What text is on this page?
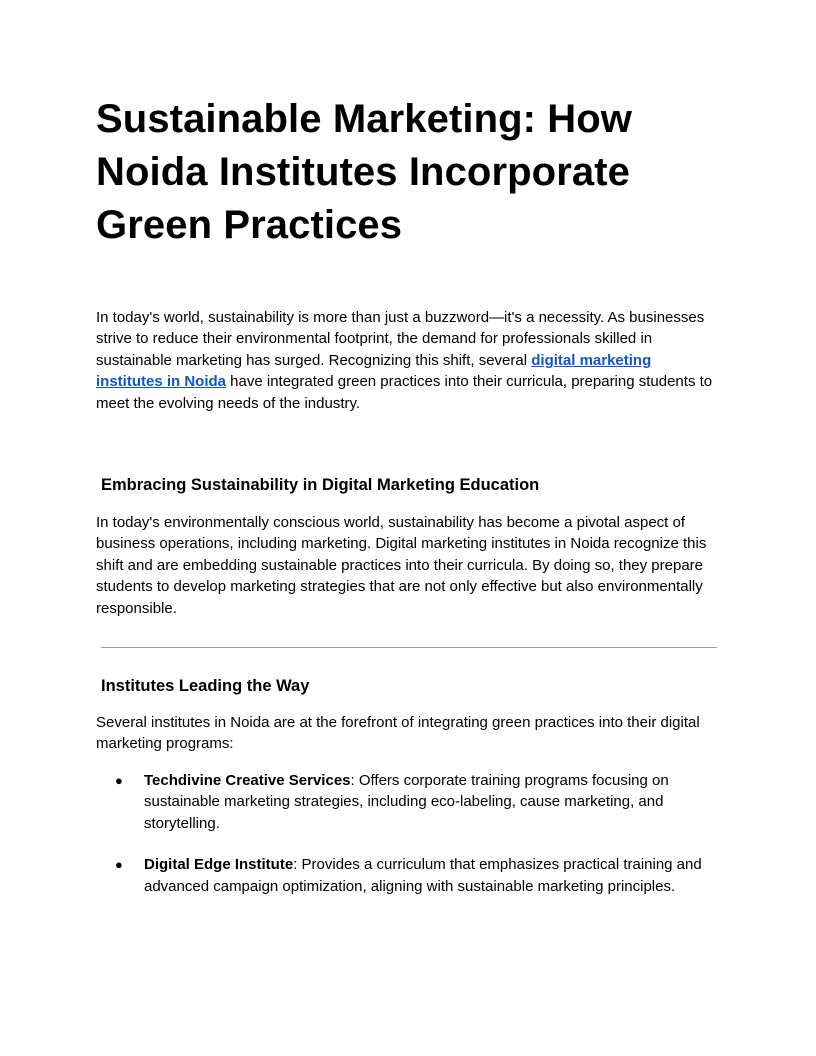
Sustainable Marketing: How Noida Institutes Incorporate Green Practices

In today's world, sustainability is more than just a buzzword—it's a necessity. As businesses strive to reduce their environmental footprint, the demand for professionals skilled in sustainable marketing has surged. Recognizing this shift, several digital marketing institutes in Noida have integrated green practices into their curricula, preparing students to meet the evolving needs of the industry.

Embracing Sustainability in Digital Marketing Education

In today's environmentally conscious world, sustainability has become a pivotal aspect of business operations, including marketing. Digital marketing institutes in Noida recognize this shift and are embedding sustainable practices into their curricula. By doing so, they prepare students to develop marketing strategies that are not only effective but also environmentally responsible.

Institutes Leading the Way

Several institutes in Noida are at the forefront of integrating green practices into their digital marketing programs:

● Techdivine Creative Services: Offers corporate training programs focusing on sustainable marketing strategies, including eco-labeling, cause marketing, and storytelling.
● Digital Edge Institute: Provides a curriculum that emphasizes practical training and advanced campaign optimization, aligning with sustainable marketing principles.
